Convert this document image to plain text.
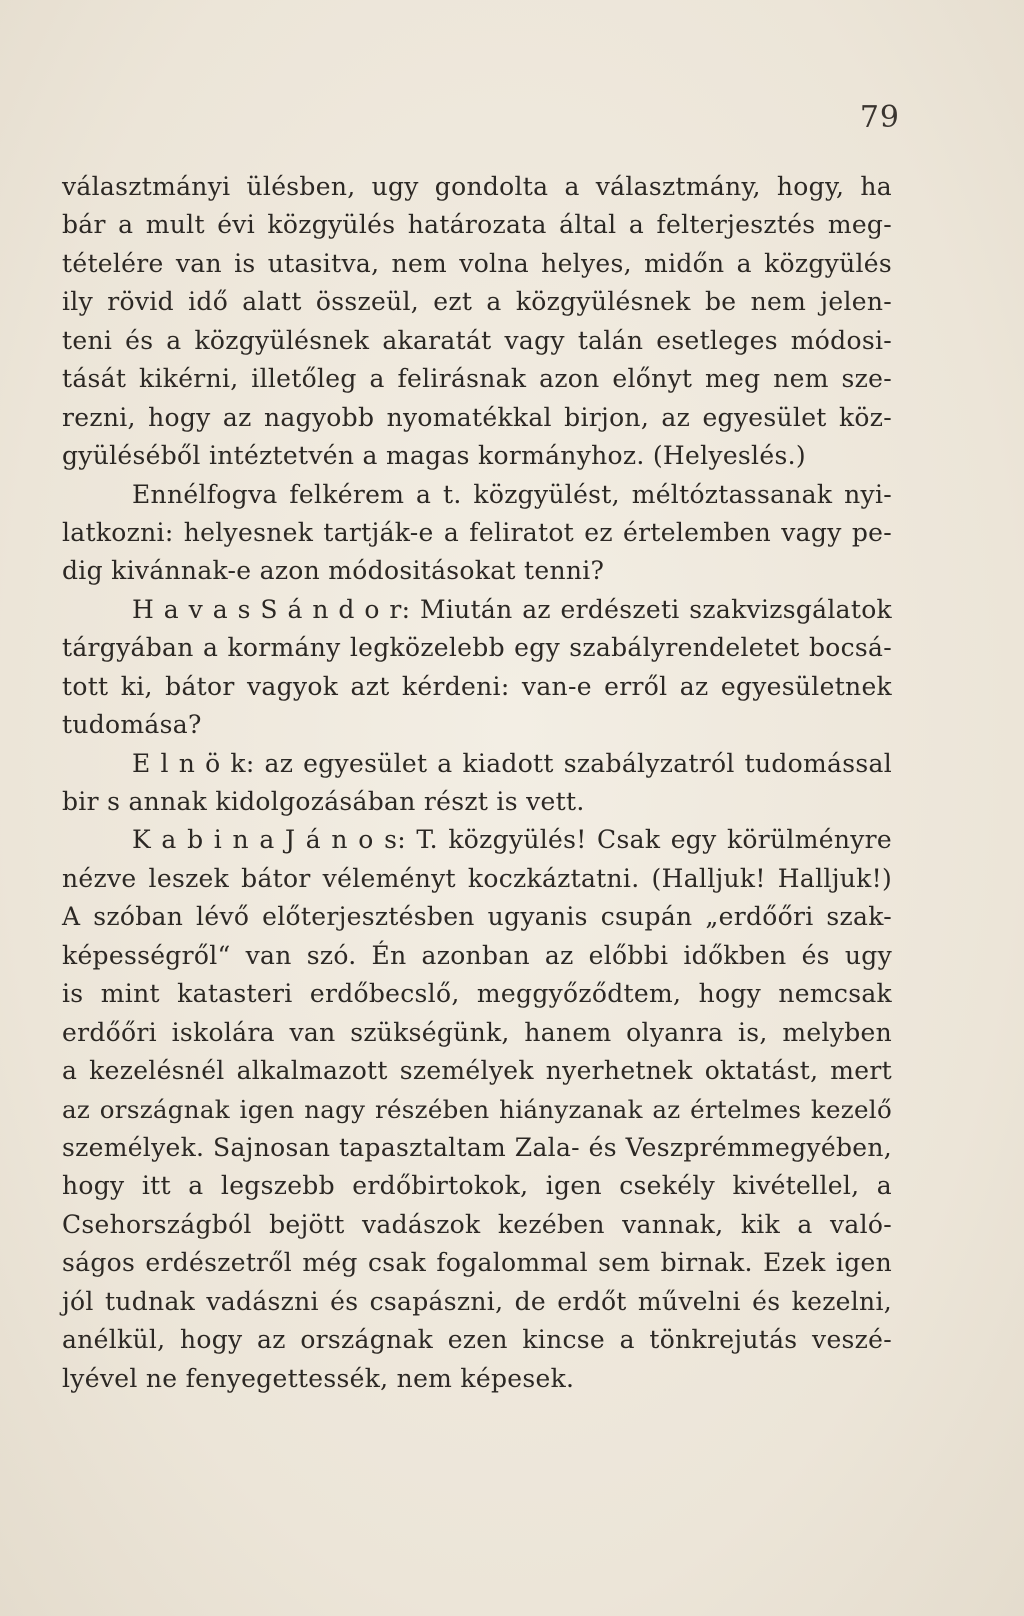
79
választmányi ülésben, ugy gondolta a választmány, hogy, ha
bár a mult évi közgyülés határozata által a felterjesztés meg-
tételére van is utasitva, nem volna helyes, midőn a közgyülés
ily rövid idő alatt összeül, ezt a közgyülésnek be nem jelen-
teni és a közgyülésnek akaratát vagy talán esetleges módosi-
tását kikérni, illetőleg a felirásnak azon előnyt meg nem sze-
rezni, hogy az nagyobb nyomatékkal birjon, az egyesület köz-
gyüléséből intéztetvén a magas kormányhoz. (Helyeslés.)
Ennélfogva felkérem a t. közgyülést, méltóztassanak nyi-
latkozni: helyesnek tartják-e a feliratot ez értelemben vagy pe-
dig kivánnak-e azon módositásokat tenni?
H a v a s S á n d o r: Miután az erdészeti szakvizsgálatok
tárgyában a kormány legközelebb egy szabályrendeletet bocsá-
tott ki, bátor vagyok azt kérdeni: van-e erről az egyesületnek
tudomása?
E l n ö k: az egyesület a kiadott szabályzatról tudomással
bir s annak kidolgozásában részt is vett.
K a b i n a J á n o s: T. közgyülés! Csak egy körülményre
nézve leszek bátor véleményt koczkáztatni. (Halljuk! Halljuk!)
A szóban lévő előterjesztésben ugyanis csupán „erdőőri szak-
képességről“ van szó. Én azonban az előbbi időkben és ugy
is mint katasteri erdőbecslő, meggyőződtem, hogy nemcsak
erdőőri iskolára van szükségünk, hanem olyanra is, melyben
a kezelésnél alkalmazott személyek nyerhetnek oktatást, mert
az országnak igen nagy részében hiányzanak az értelmes kezelő
személyek. Sajnosan tapasztaltam Zala- és Veszprémmegyében,
hogy itt a legszebb erdőbirtokok, igen csekély kivétellel, a
Csehországból bejött vadászok kezében vannak, kik a való-
ságos erdészetről még csak fogalommal sem birnak. Ezek igen
jól tudnak vadászni és csapászni, de erdőt művelni és kezelni,
anélkül, hogy az országnak ezen kincse a tönkrejutás veszé-
lyével ne fenyegettessék, nem képesek.
